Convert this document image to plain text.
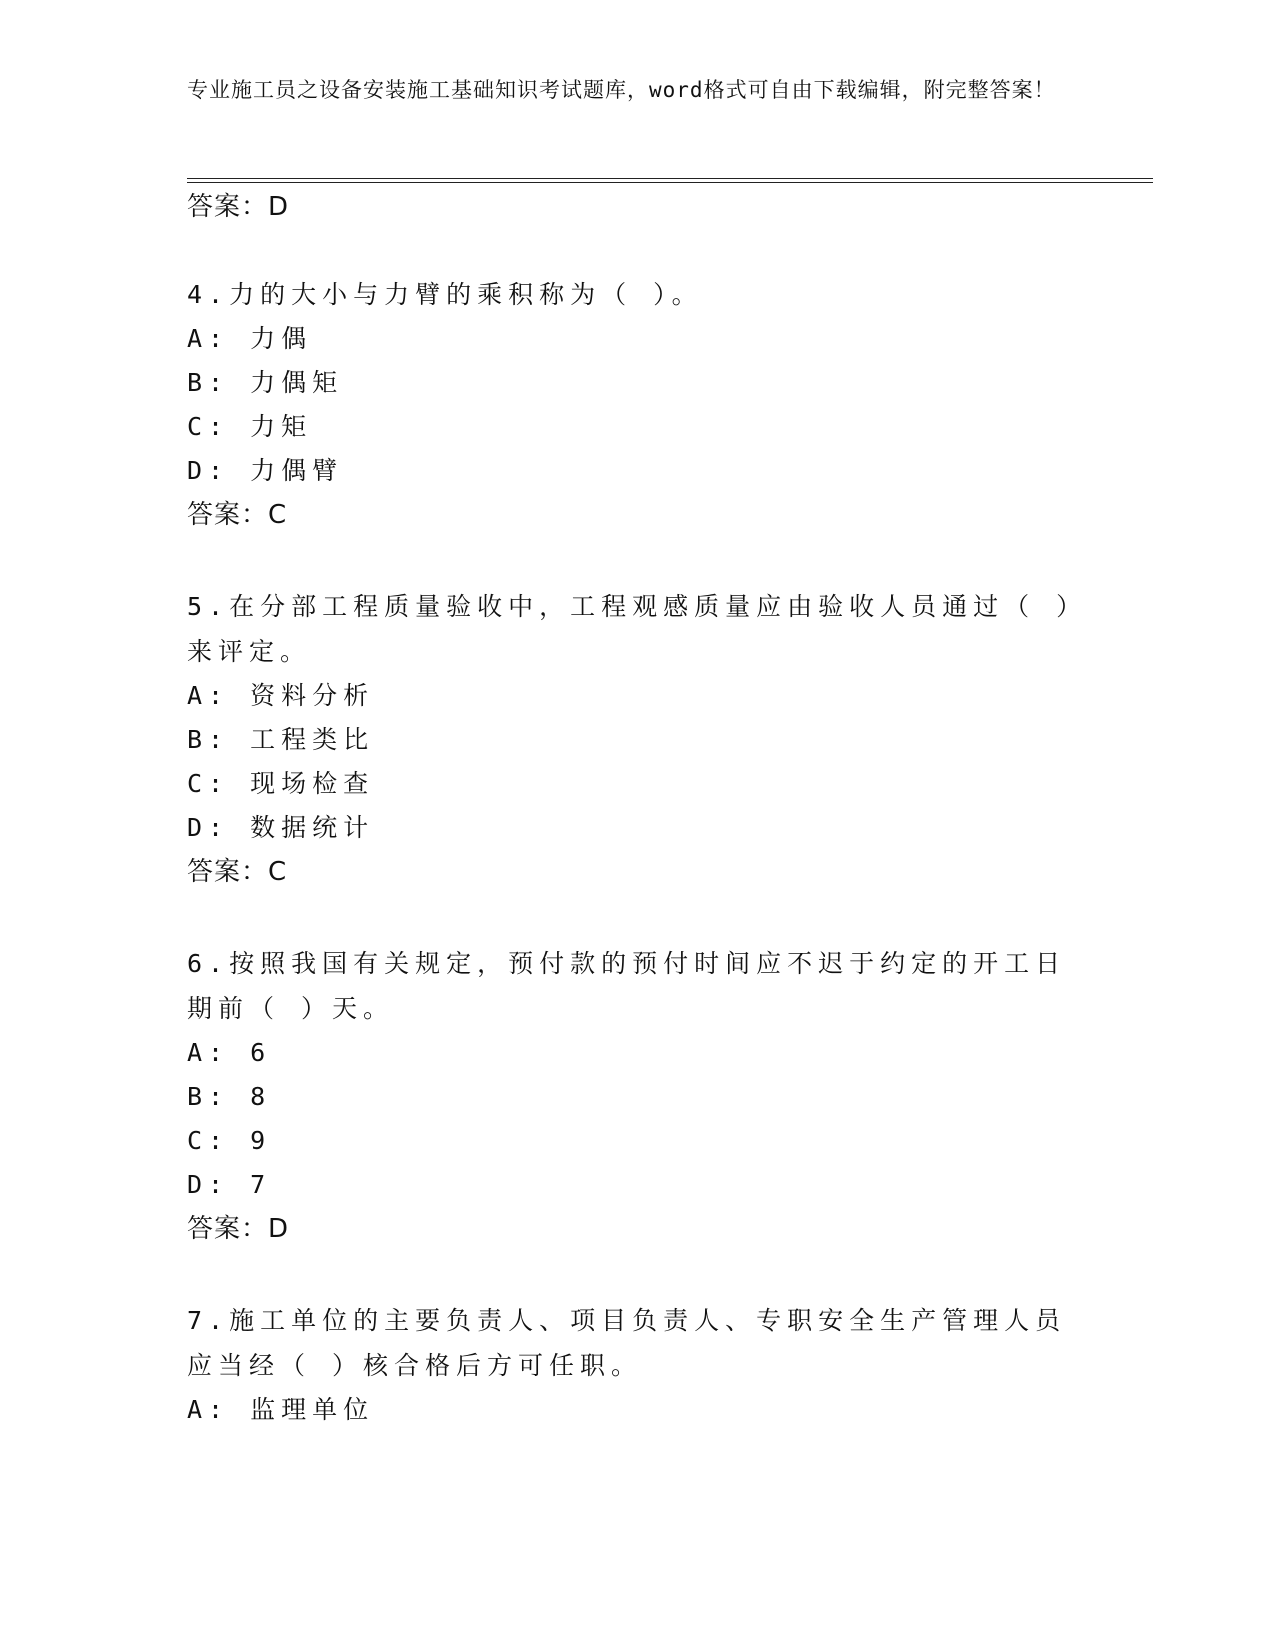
专业施工员之设备安装施工基础知识考试题库，word格式可自由下载编辑，附完整答案！
答案：D
4.力的大小与力臂的乘积称为（ ）。
A: 力偶
B: 力偶矩
C: 力矩
D: 力偶臂
答案：C
5.在分部工程质量验收中，工程观感质量应由验收人员通过（ ）来评定。
A: 资料分析
B: 工程类比
C: 现场检查
D: 数据统计
答案：C
6.按照我国有关规定，预付款的预付时间应不迟于约定的开工日期前（ ）天。
A: 6
B: 8
C: 9
D: 7
答案：D
7.施工单位的主要负责人、项目负责人、专职安全生产管理人员应当经（ ）核合格后方可任职。
A: 监理单位
